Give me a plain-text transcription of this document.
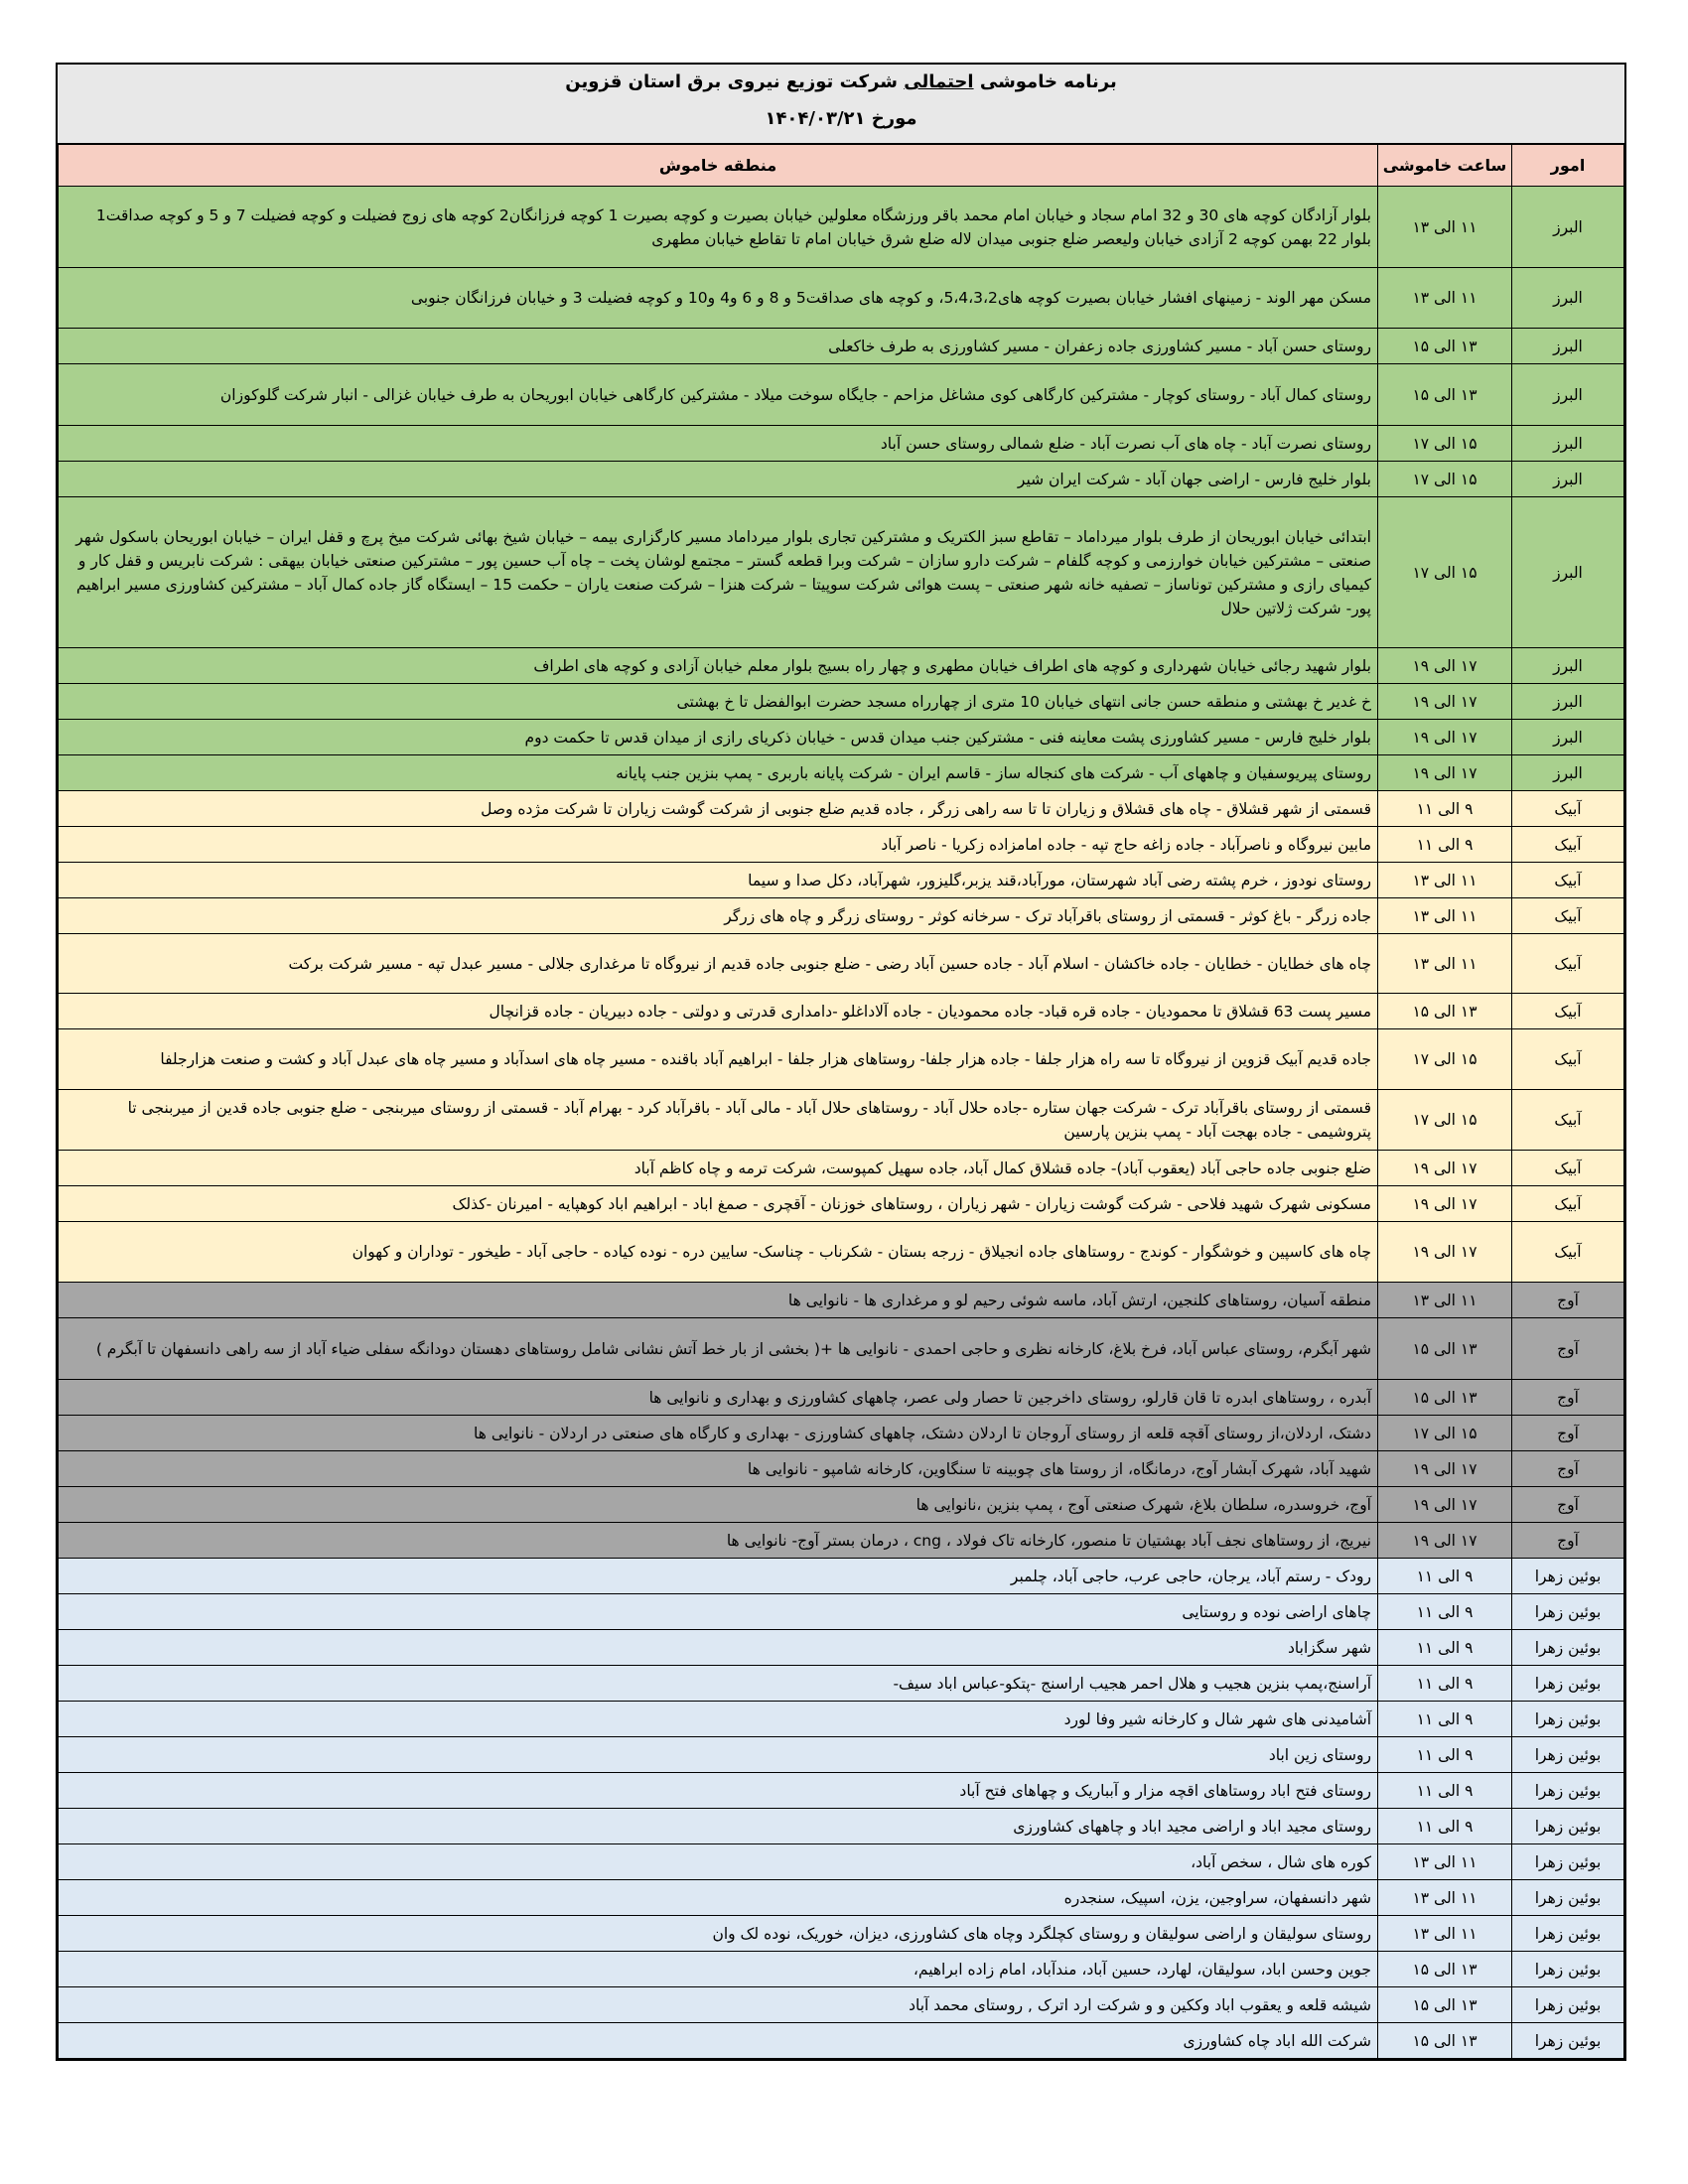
برنامه خاموشی احتمالی شرکت توزیع نیروی برق استان قزوین
مورخ ۱۴۰۴/۰۳/۲۱
امور	ساعت خاموشی	منطقه خاموش
البرز	۱۱ الی ۱۳	بلوار آزادگان کوچه های 30 و 32 امام سجاد و خیابان امام محمد باقر ورزشگاه معلولین خیابان بصیرت و کوچه بصیرت 1 کوچه فرزانگان2 کوچه های زوج فضیلت و کوچه فضیلت 7 و 5 و کوچه صداقت1 بلوار 22 بهمن کوچه 2 آزادی خیابان ولیعصر ضلع جنوبی میدان لاله ضلع شرق خیابان امام تا تقاطع خیابان مطهری
البرز	۱۱ الی ۱۳	مسکن مهر الوند - زمینهای افشار خیابان بصیرت کوچه های5،4،3،2، و کوچه های صداقت5 و 8 و 6 و4 و10 و کوچه فضیلت 3 و خیابان فرزانگان جنوبی
البرز	۱۳ الی ۱۵	روستای حسن آباد - مسیر کشاورزی جاده زعفران - مسیر کشاورزی به طرف خاکعلی
البرز	۱۳ الی ۱۵	روستای کمال آباد - روستای کوچار - مشترکین کارگاهی کوی مشاغل مزاحم - جایگاه سوخت میلاد - مشترکین کارگاهی خیابان ابوریحان به طرف خیابان غزالی - انبار شرکت گلوکوزان
البرز	۱۵ الی ۱۷	روستای نصرت آباد - چاه های آب نصرت آباد - ضلع شمالی روستای حسن آباد
البرز	۱۵ الی ۱۷	بلوار خلیج فارس - اراضی جهان آباد - شرکت ایران شیر
البرز	۱۵ الی ۱۷	ابتدائی خیابان ابوریحان از طرف بلوار میرداماد – تقاطع سبز الکتریک و مشترکین تجاری بلوار میرداماد مسیر کارگزاری بیمه – خیابان شیخ بهائی شرکت میخ پرچ و قفل ایران – خیابان ابوریحان باسکول شهر صنعتی – مشترکین خیابان خوارزمی و کوچه گلفام – شرکت دارو سازان – شرکت وبرا قطعه گستر – مجتمع لوشان پخت – چاه آب حسین پور – مشترکین صنعتی خیابان بیهقی : شرکت نابریس و قفل کار و کیمیای رازی و مشترکین توناساز – تصفیه خانه شهر صنعتی – پست هوائی شرکت سوپیتا – شرکت هنزا – شرکت صنعت یاران – حکمت 15 – ایستگاه گاز جاده کمال آباد – مشترکین کشاورزی مسیر ابراهیم پور- شرکت ژلاتین حلال
البرز	۱۷ الی ۱۹	بلوار شهید رجائی خیابان شهرداری و کوچه های اطراف خیابان مطهری و چهار راه بسیج بلوار معلم خیابان آزادی و کوچه های اطراف
البرز	۱۷ الی ۱۹	خ غدیر خ بهشتی و منطقه حسن جانی انتهای خیابان 10 متری از چهارراه مسجد حضرت ابوالفضل تا خ بهشتی
البرز	۱۷ الی ۱۹	بلوار خلیج فارس - مسیر کشاورزی پشت معاینه فنی - مشترکین جنب میدان قدس - خیابان ذکریای رازی از میدان قدس تا حکمت دوم
البرز	۱۷ الی ۱۹	روستای پیریوسفیان و چاههای آب - شرکت های کنجاله ساز - قاسم ایران - شرکت پایانه باربری - پمپ بنزین جنب پایانه
آبیک	۹ الی ۱۱	قسمتی از شهر قشلاق - چاه های قشلاق و زیاران تا تا سه راهی زرگر ، جاده قدیم ضلع جنوبی از شرکت گوشت زیاران تا شرکت مژده وصل
آبیک	۹ الی ۱۱	مابین نیروگاه و ناصرآباد - جاده زاغه حاج تپه - جاده امامزاده زکریا - ناصر آباد
آبیک	۱۱ الی ۱۳	روستای نودوز ، خرم پشته رضی آباد شهرستان، مورآباد،قند یزبر،گلیزور، شهرآباد، دکل صدا و سیما
آبیک	۱۱ الی ۱۳	جاده زرگر - باغ کوثر - قسمتی از روستای باقرآباد ترک - سرخانه کوثر - روستای زرگر و چاه های زرگر
آبیک	۱۱ الی ۱۳	چاه های خطایان - خطایان - جاده خاکشان - اسلام آباد - جاده حسین آباد رضی - ضلع جنوبی جاده قدیم از نیروگاه تا مرغداری جلالی - مسیر عبدل تپه - مسیر شرکت برکت
آبیک	۱۳ الی ۱۵	مسیر پست 63 قشلاق تا محمودیان - جاده قره قباد- جاده محمودیان - جاده آلاداغلو -دامداری قدرتی و دولتی - جاده دبیریان - جاده قزانچال
آبیک	۱۵ الی ۱۷	جاده قدیم آبیک قزوین از نیروگاه تا سه راه هزار جلفا - جاده هزار جلفا- روستاهای هزار جلفا - ابراهیم آباد باقنده - مسیر چاه های اسدآباد و مسیر چاه های عبدل آباد و کشت و صنعت هزارجلفا
آبیک	۱۵ الی ۱۷	قسمتی از روستای باقرآباد ترک - شرکت جهان ستاره -جاده حلال آباد - روستاهای حلال آباد - مالی آباد - باقرآباد کرد - بهرام آباد - قسمتی از روستای میربنجی - ضلع جنوبی جاده قدین از میربنجی تا پتروشیمی - جاده بهجت آباد - پمپ بنزین پارسین
آبیک	۱۷ الی ۱۹	ضلع جنوبی جاده حاجی آباد (یعقوب آباد)- جاده قشلاق کمال آباد، جاده سهیل کمپوست، شرکت ترمه و چاه کاظم آباد
آبیک	۱۷ الی ۱۹	مسکونی شهرک شهید فلاحی - شرکت گوشت زیاران - شهر زیاران ، روستاهای خوزنان - آقچری - صمغ اباد - ابراهیم اباد کوهپایه - امیرنان -کذلک
آبیک	۱۷ الی ۱۹	چاه های کاسپین و خوشگوار - کوندج - روستاهای جاده انجیلاق - زرجه بستان - شکرناب - چناسک- سایین دره - نوده کیاده - حاجی آباد - طیخور - توداران و کهوان
آوج	۱۱ الی ۱۳	منطقه آسیان، روستاهای کلنجین، ارتش آباد، ماسه شوئی رحیم لو و مرغداری ها - نانوایی ها
آوج	۱۳ الی ۱۵	شهر آبگرم، روستای عباس آباد، فرخ بلاغ، کارخانه نظری و حاجی احمدی - نانوایی ها +( بخشی از بار خط آتش نشانی شامل روستاهای دهستان دودانگه سفلی ضیاء آباد از سه راهی دانسفهان تا آبگرم )
آوج	۱۳ الی ۱۵	آبدره ، روستاهای ابدره تا قان قارلو، روستای داخرجین تا حصار ولی عصر، چاههای کشاورزی و بهداری و نانوایی ها
آوج	۱۵ الی ۱۷	دشتک، اردلان،از روستای آقچه قلعه از روستای آروجان تا اردلان دشتک، چاههای کشاورزی - بهداری و کارگاه های صنعتی در اردلان - نانوایی ها
آوج	۱۷ الی ۱۹	شهید آباد، شهرک آبشار آوج، درمانگاه، از روستا های چوبینه تا سنگاوین، کارخانه شامپو - نانوایی ها
آوج	۱۷ الی ۱۹	آوج، خروسدره، سلطان بلاغ، شهرک صنعتی آوج ، پمپ بنزین ،نانوایی ها
آوج	۱۷ الی ۱۹	نیریج، از روستاهای نجف آباد بهشتیان تا منصور، کارخانه تاک فولاد ، cng ، درمان بستر آوج- نانوایی ها
بوئین زهرا	۹ الی ۱۱	رودک - رستم آباد، یرجان، حاجی عرب، حاجی آباد، چلمبر
بوئین زهرا	۹ الی ۱۱	چاهای اراضی نوده و روستایی
بوئین زهرا	۹ الی ۱۱	شهر سگزاباد
بوئین زهرا	۹ الی ۱۱	آراسنج،پمپ بنزین هجیب و هلال احمر هجیب اراسنج -پتکو-عباس اباد سیف-
بوئین زهرا	۹ الی ۱۱	آشامیدنی های شهر شال و کارخانه شیر وفا لورد
بوئین زهرا	۹ الی ۱۱	روستای زین اباد
بوئین زهرا	۹ الی ۱۱	روستای فتح اباد روستاهای اقچه مزار و آبباریک و چهاهای فتح آباد
بوئین زهرا	۹ الی ۱۱	روستای مجید اباد و اراضی مجید اباد و چاههای کشاورزی
بوئین زهرا	۱۱ الی ۱۳	کوره های شال ، سخص آباد،
بوئین زهرا	۱۱ الی ۱۳	شهر دانسفهان، سراوجین، یزن، اسپیک، سنجدره
بوئین زهرا	۱۱ الی ۱۳	روستای سولیقان و اراضی سولیقان و روستای کچلگرد وچاه های کشاورزی، دیزان، خوریک، نوده لک وان
بوئین زهرا	۱۳ الی ۱۵	جوین وحسن اباد، سولیقان، لهارد، حسین آباد، مندآباد، امام زاده ابراهیم،
بوئین زهرا	۱۳ الی ۱۵	شیشه قلعه و یعقوب اباد وککین و و شرکت ارد اترک , روستای محمد آباد
بوئین زهرا	۱۳ الی ۱۵	شرکت الله اباد چاه کشاورزی
